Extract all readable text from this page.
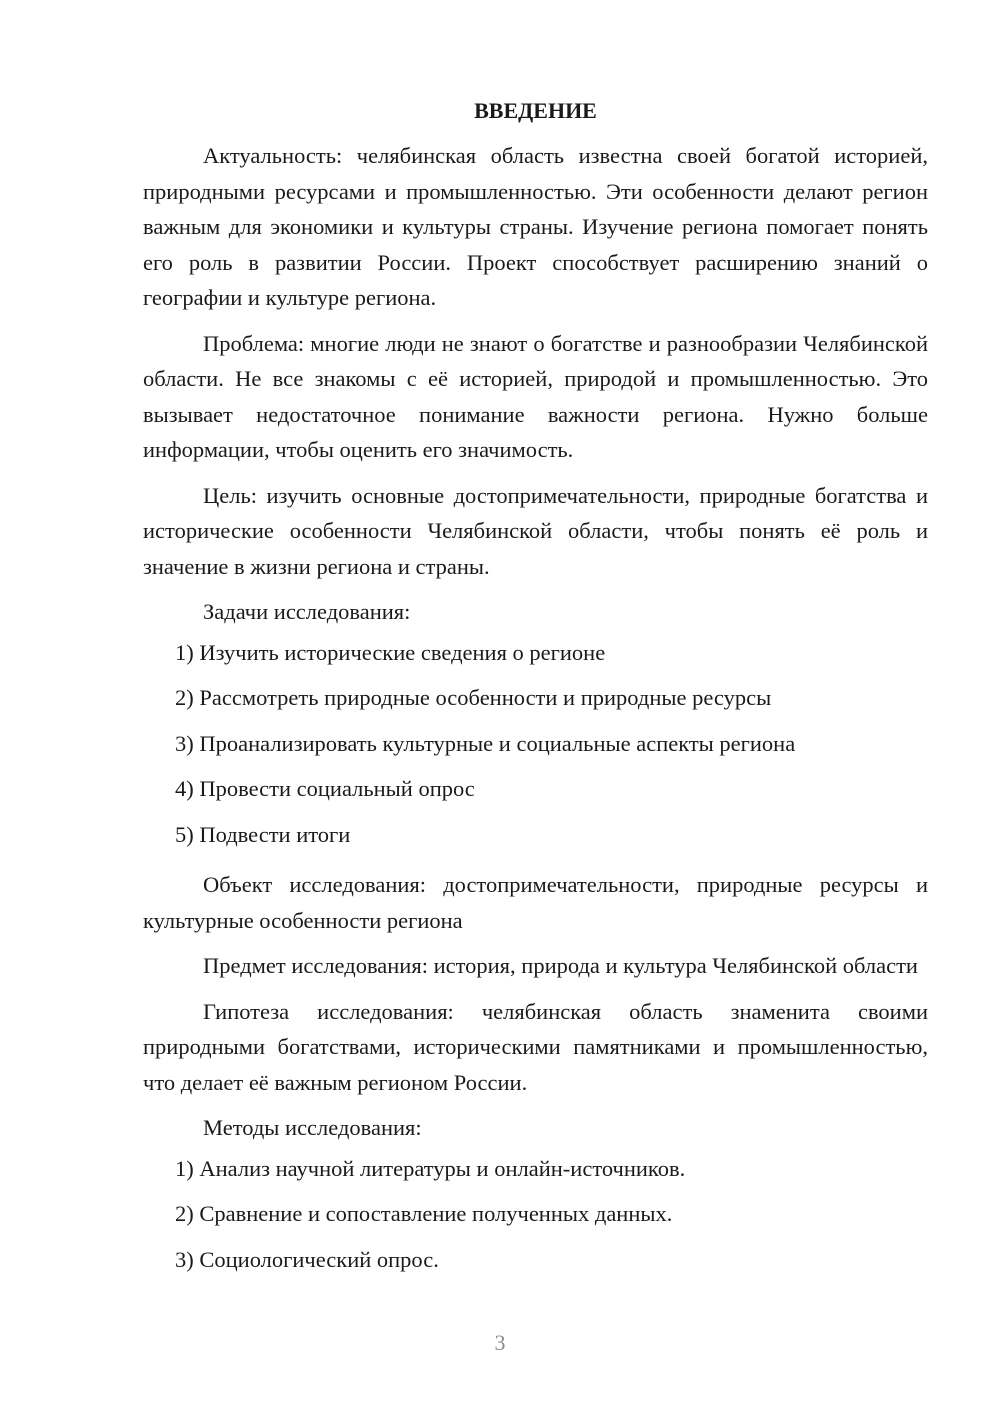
ВВЕДЕНИЕ

Актуальность: челябинская область известна своей богатой историей, природными ресурсами и промышленностью. Эти особенности делают регион важным для экономики и культуры страны. Изучение региона помогает понять его роль в развитии России. Проект способствует расширению знаний о географии и культуре региона.

Проблема: многие люди не знают о богатстве и разнообразии Челябинской области. Не все знакомы с её историей, природой и промышленностью. Это вызывает недостаточное понимание важности региона. Нужно больше информации, чтобы оценить его значимость.

Цель: изучить основные достопримечательности, природные богатства и исторические особенности Челябинской области, чтобы понять её роль и значение в жизни региона и страны.

Задачи исследования:

1) Изучить исторические сведения о регионе
2) Рассмотреть природные особенности и природные ресурсы
3) Проанализировать культурные и социальные аспекты региона
4) Провести социальный опрос
5) Подвести итоги

Объект исследования: достопримечательности, природные ресурсы и культурные особенности региона

Предмет исследования: история, природа и культура Челябинской области

Гипотеза исследования: челябинская область знаменита своими природными богатствами, историческими памятниками и промышленностью, что делает её важным регионом России.

Методы исследования:

1) Анализ научной литературы и онлайн-источников.
2) Сравнение и сопоставление полученных данных.
3) Социологический опрос.
3
